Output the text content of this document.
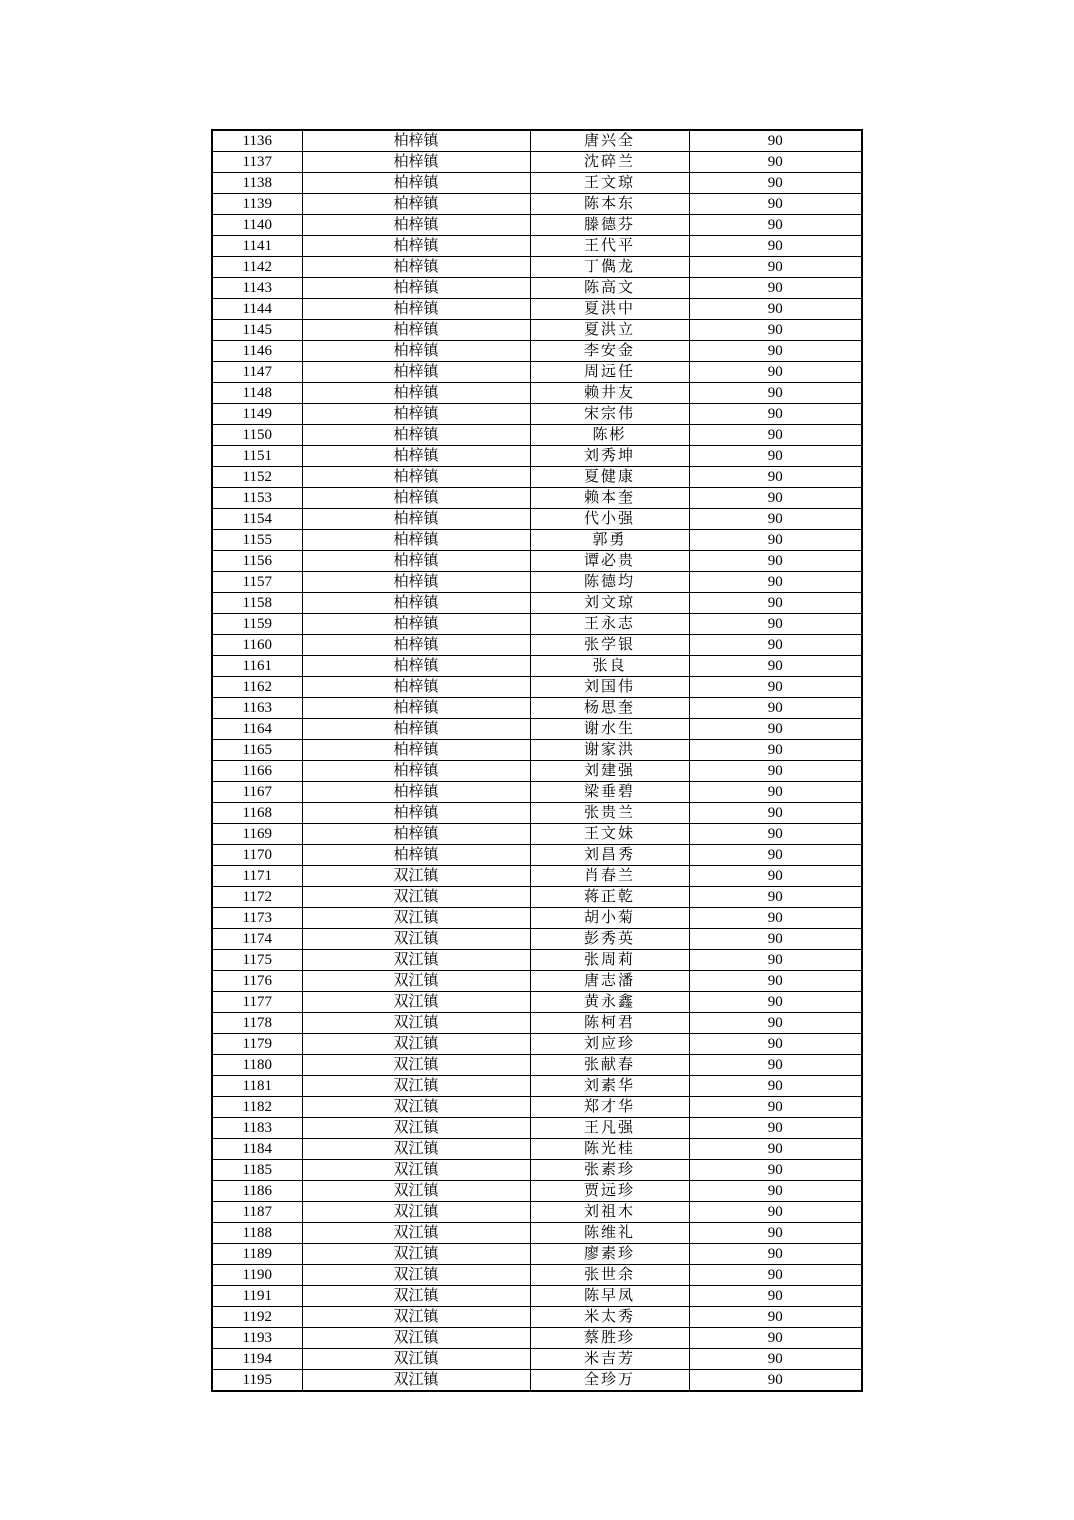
1136	柏梓镇	唐兴全	90
1137	柏梓镇	沈碎兰	90
1138	柏梓镇	王文琼	90
1139	柏梓镇	陈本东	90
1140	柏梓镇	滕德芬	90
1141	柏梓镇	王代平	90
1142	柏梓镇	丁儁龙	90
1143	柏梓镇	陈高文	90
1144	柏梓镇	夏洪中	90
1145	柏梓镇	夏洪立	90
1146	柏梓镇	李安金	90
1147	柏梓镇	周远任	90
1148	柏梓镇	赖井友	90
1149	柏梓镇	宋宗伟	90
1150	柏梓镇	陈彬	90
1151	柏梓镇	刘秀坤	90
1152	柏梓镇	夏健康	90
1153	柏梓镇	赖本奎	90
1154	柏梓镇	代小强	90
1155	柏梓镇	郭勇	90
1156	柏梓镇	谭必贵	90
1157	柏梓镇	陈德均	90
1158	柏梓镇	刘文琼	90
1159	柏梓镇	王永志	90
1160	柏梓镇	张学银	90
1161	柏梓镇	张良	90
1162	柏梓镇	刘国伟	90
1163	柏梓镇	杨思奎	90
1164	柏梓镇	谢水生	90
1165	柏梓镇	谢家洪	90
1166	柏梓镇	刘建强	90
1167	柏梓镇	梁垂碧	90
1168	柏梓镇	张贵兰	90
1169	柏梓镇	王文妹	90
1170	柏梓镇	刘昌秀	90
1171	双江镇	肖春兰	90
1172	双江镇	蒋正乾	90
1173	双江镇	胡小菊	90
1174	双江镇	彭秀英	90
1175	双江镇	张周莉	90
1176	双江镇	唐志潘	90
1177	双江镇	黄永鑫	90
1178	双江镇	陈柯君	90
1179	双江镇	刘应珍	90
1180	双江镇	张献春	90
1181	双江镇	刘素华	90
1182	双江镇	郑才华	90
1183	双江镇	王凡强	90
1184	双江镇	陈光桂	90
1185	双江镇	张素珍	90
1186	双江镇	贾远珍	90
1187	双江镇	刘祖木	90
1188	双江镇	陈维礼	90
1189	双江镇	廖素珍	90
1190	双江镇	张世余	90
1191	双江镇	陈早凤	90
1192	双江镇	米太秀	90
1193	双江镇	蔡胜珍	90
1194	双江镇	米吉芳	90
1195	双江镇	全珍万	90
